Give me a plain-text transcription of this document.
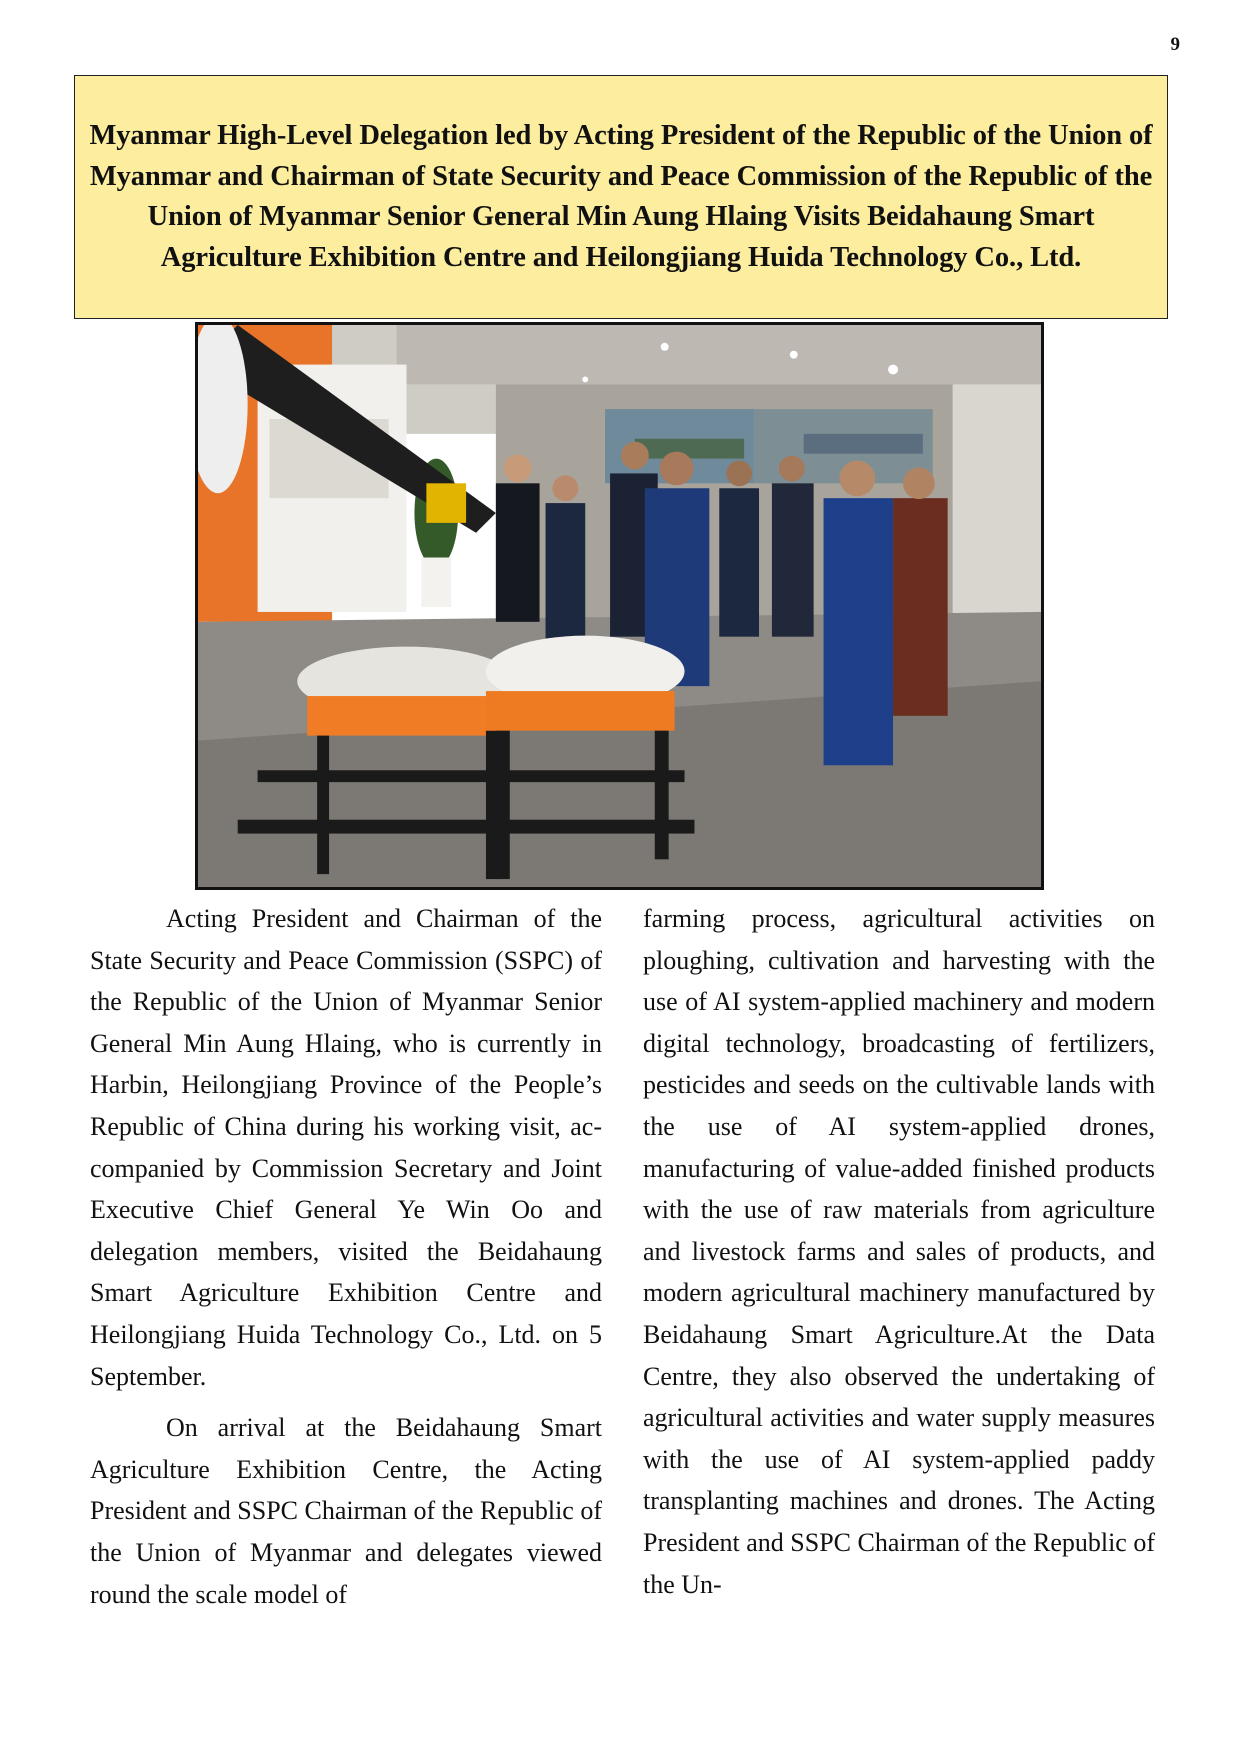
9
Myanmar High-Level Delegation led by Acting President of the Republic of the Union of Myanmar and Chairman of State Security and Peace Commission of the Republic of the Union of Myanmar Senior General Min Aung Hlaing Visits Beidahaung Smart Agriculture Exhibition Centre and Heilongjiang Huida Technology Co., Ltd.

Acting President and Chairman of the State Security and Peace Commission (SSPC) of the Republic of the Union of Myanmar Senior General Min Aung Hlaing, who is currently in Harbin, Heilongjiang Province of the People’s Republic of China during his working visit, accompanied by Commission Secretary and Joint Executive Chief General Ye Win Oo and delegation members, visited the Beidahaung Smart Agriculture Exhibition Centre and Heilongjiang Huida Technology Co., Ltd. on 5 September.

On arrival at the Beidahaung Smart Agriculture Exhibition Centre, the Acting President and SSPC Chairman of the Republic of the Union of Myanmar and delegates viewed round the scale model of

farming process, agricultural activities on ploughing, cultivation and harvesting with the use of AI system-applied machinery and modern digital technology, broadcasting of fertilizers, pesticides and seeds on the cultivable lands with the use of AI system-applied drones, manufacturing of value-added finished products with the use of raw materials from agriculture and livestock farms and sales of products, and modern agricultural machinery manufactured by Beidahaung Smart Agriculture.At the Data Centre, they also observed the undertaking of agricultural activities and water supply measures with the use of AI system-applied paddy transplanting machines and drones. The Acting President and SSPC Chairman of the Republic of the Un-
